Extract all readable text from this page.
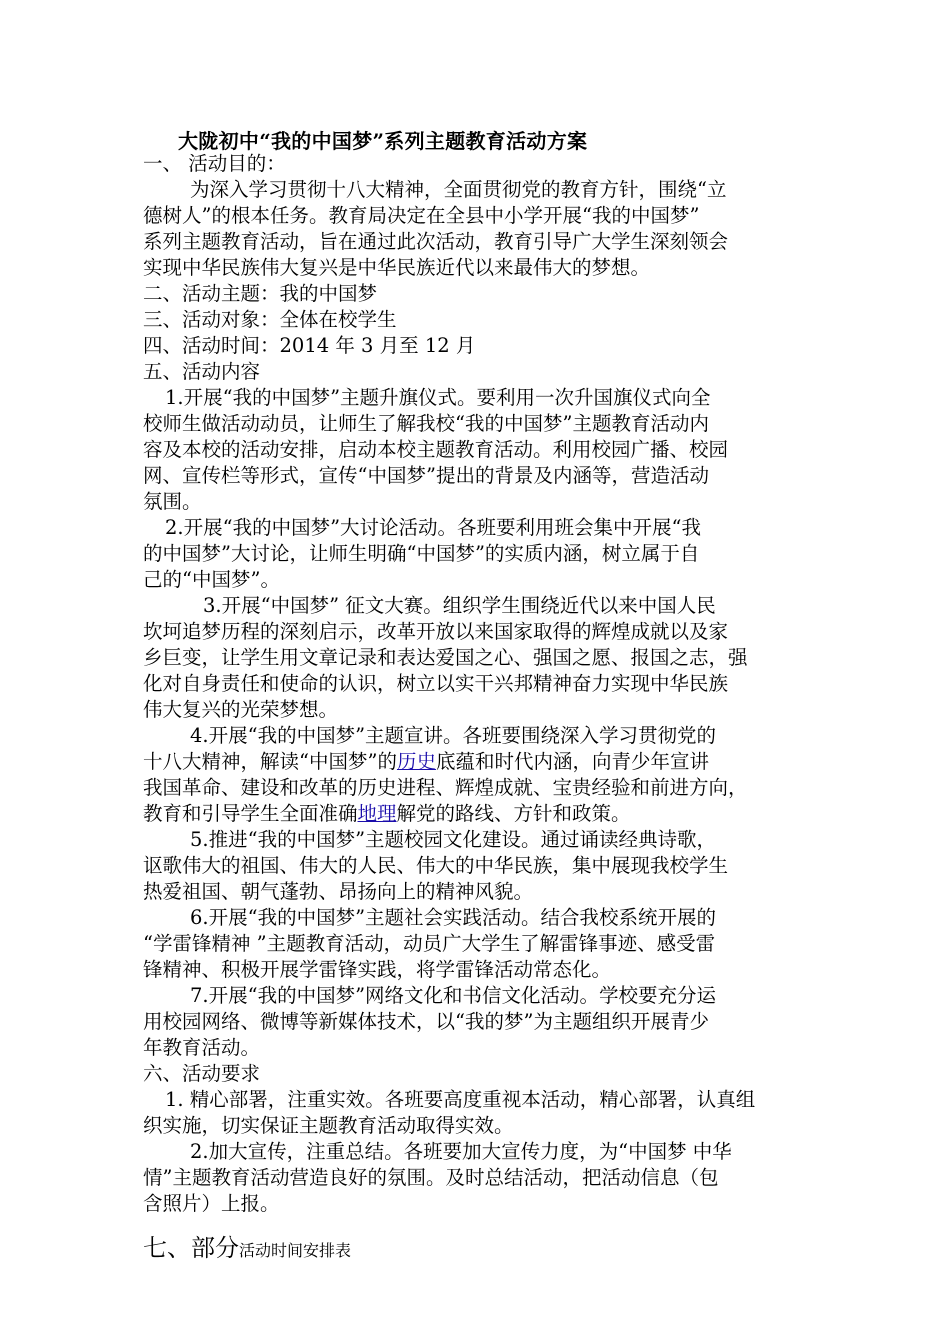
大陇初中“我的中国梦”系列主题教育活动方案
一、 活动目的：
为深入学习贯彻十八大精神，全面贯彻党的教育方针，围绕“立
德树人”的根本任务。教育局决定在全县中小学开展“我的中国梦”
系列主题教育活动，旨在通过此次活动，教育引导广大学生深刻领会
实现中华民族伟大复兴是中华民族近代以来最伟大的梦想。
二、活动主题：我的中国梦
三、活动对象：全体在校学生
四、活动时间：2014 年 3 月至 12 月
五、活动内容
1.开展“我的中国梦”主题升旗仪式。要利用一次升国旗仪式向全
校师生做活动动员，让师生了解我校“我的中国梦”主题教育活动内
容及本校的活动安排，启动本校主题教育活动。利用校园广播、校园
网、宣传栏等形式，宣传“中国梦”提出的背景及内涵等，营造活动
氛围。
2.开展“我的中国梦”大讨论活动。各班要利用班会集中开展“我
的中国梦”大讨论，让师生明确“中国梦”的实质内涵，树立属于自
己的“中国梦”。
3.开展“中国梦” 征文大赛。组织学生围绕近代以来中国人民
坎坷追梦历程的深刻启示，改革开放以来国家取得的辉煌成就以及家
乡巨变，让学生用文章记录和表达爱国之心、强国之愿、报国之志，强
化对自身责任和使命的认识，树立以实干兴邦精神奋力实现中华民族
伟大复兴的光荣梦想。
4.开展“我的中国梦”主题宣讲。各班要围绕深入学习贯彻党的
十八大精神，解读“中国梦”的历史底蕴和时代内涵，向青少年宣讲
我国革命、建设和改革的历史进程、辉煌成就、宝贵经验和前进方向，
教育和引导学生全面准确地理解党的路线、方针和政策。
5.推进“我的中国梦”主题校园文化建设。通过诵读经典诗歌，
讴歌伟大的祖国、伟大的人民、伟大的中华民族，集中展现我校学生
热爱祖国、朝气蓬勃、昂扬向上的精神风貌。
6.开展“我的中国梦”主题社会实践活动。结合我校系统开展的
“学雷锋精神 ”主题教育活动，动员广大学生了解雷锋事迹、感受雷
锋精神、积极开展学雷锋实践，将学雷锋活动常态化。
7.开展“我的中国梦”网络文化和书信文化活动。学校要充分运
用校园网络、微博等新媒体技术，以“我的梦”为主题组织开展青少
年教育活动。
六、活动要求
1. 精心部署，注重实效。各班要高度重视本活动，精心部署，认真组
织实施，切实保证主题教育活动取得实效。
2.加大宣传，注重总结。各班要加大宣传力度，为“中国梦 中华
情”主题教育活动营造良好的氛围。及时总结活动，把活动信息（包
含照片）上报。
七、部分活动时间安排表
